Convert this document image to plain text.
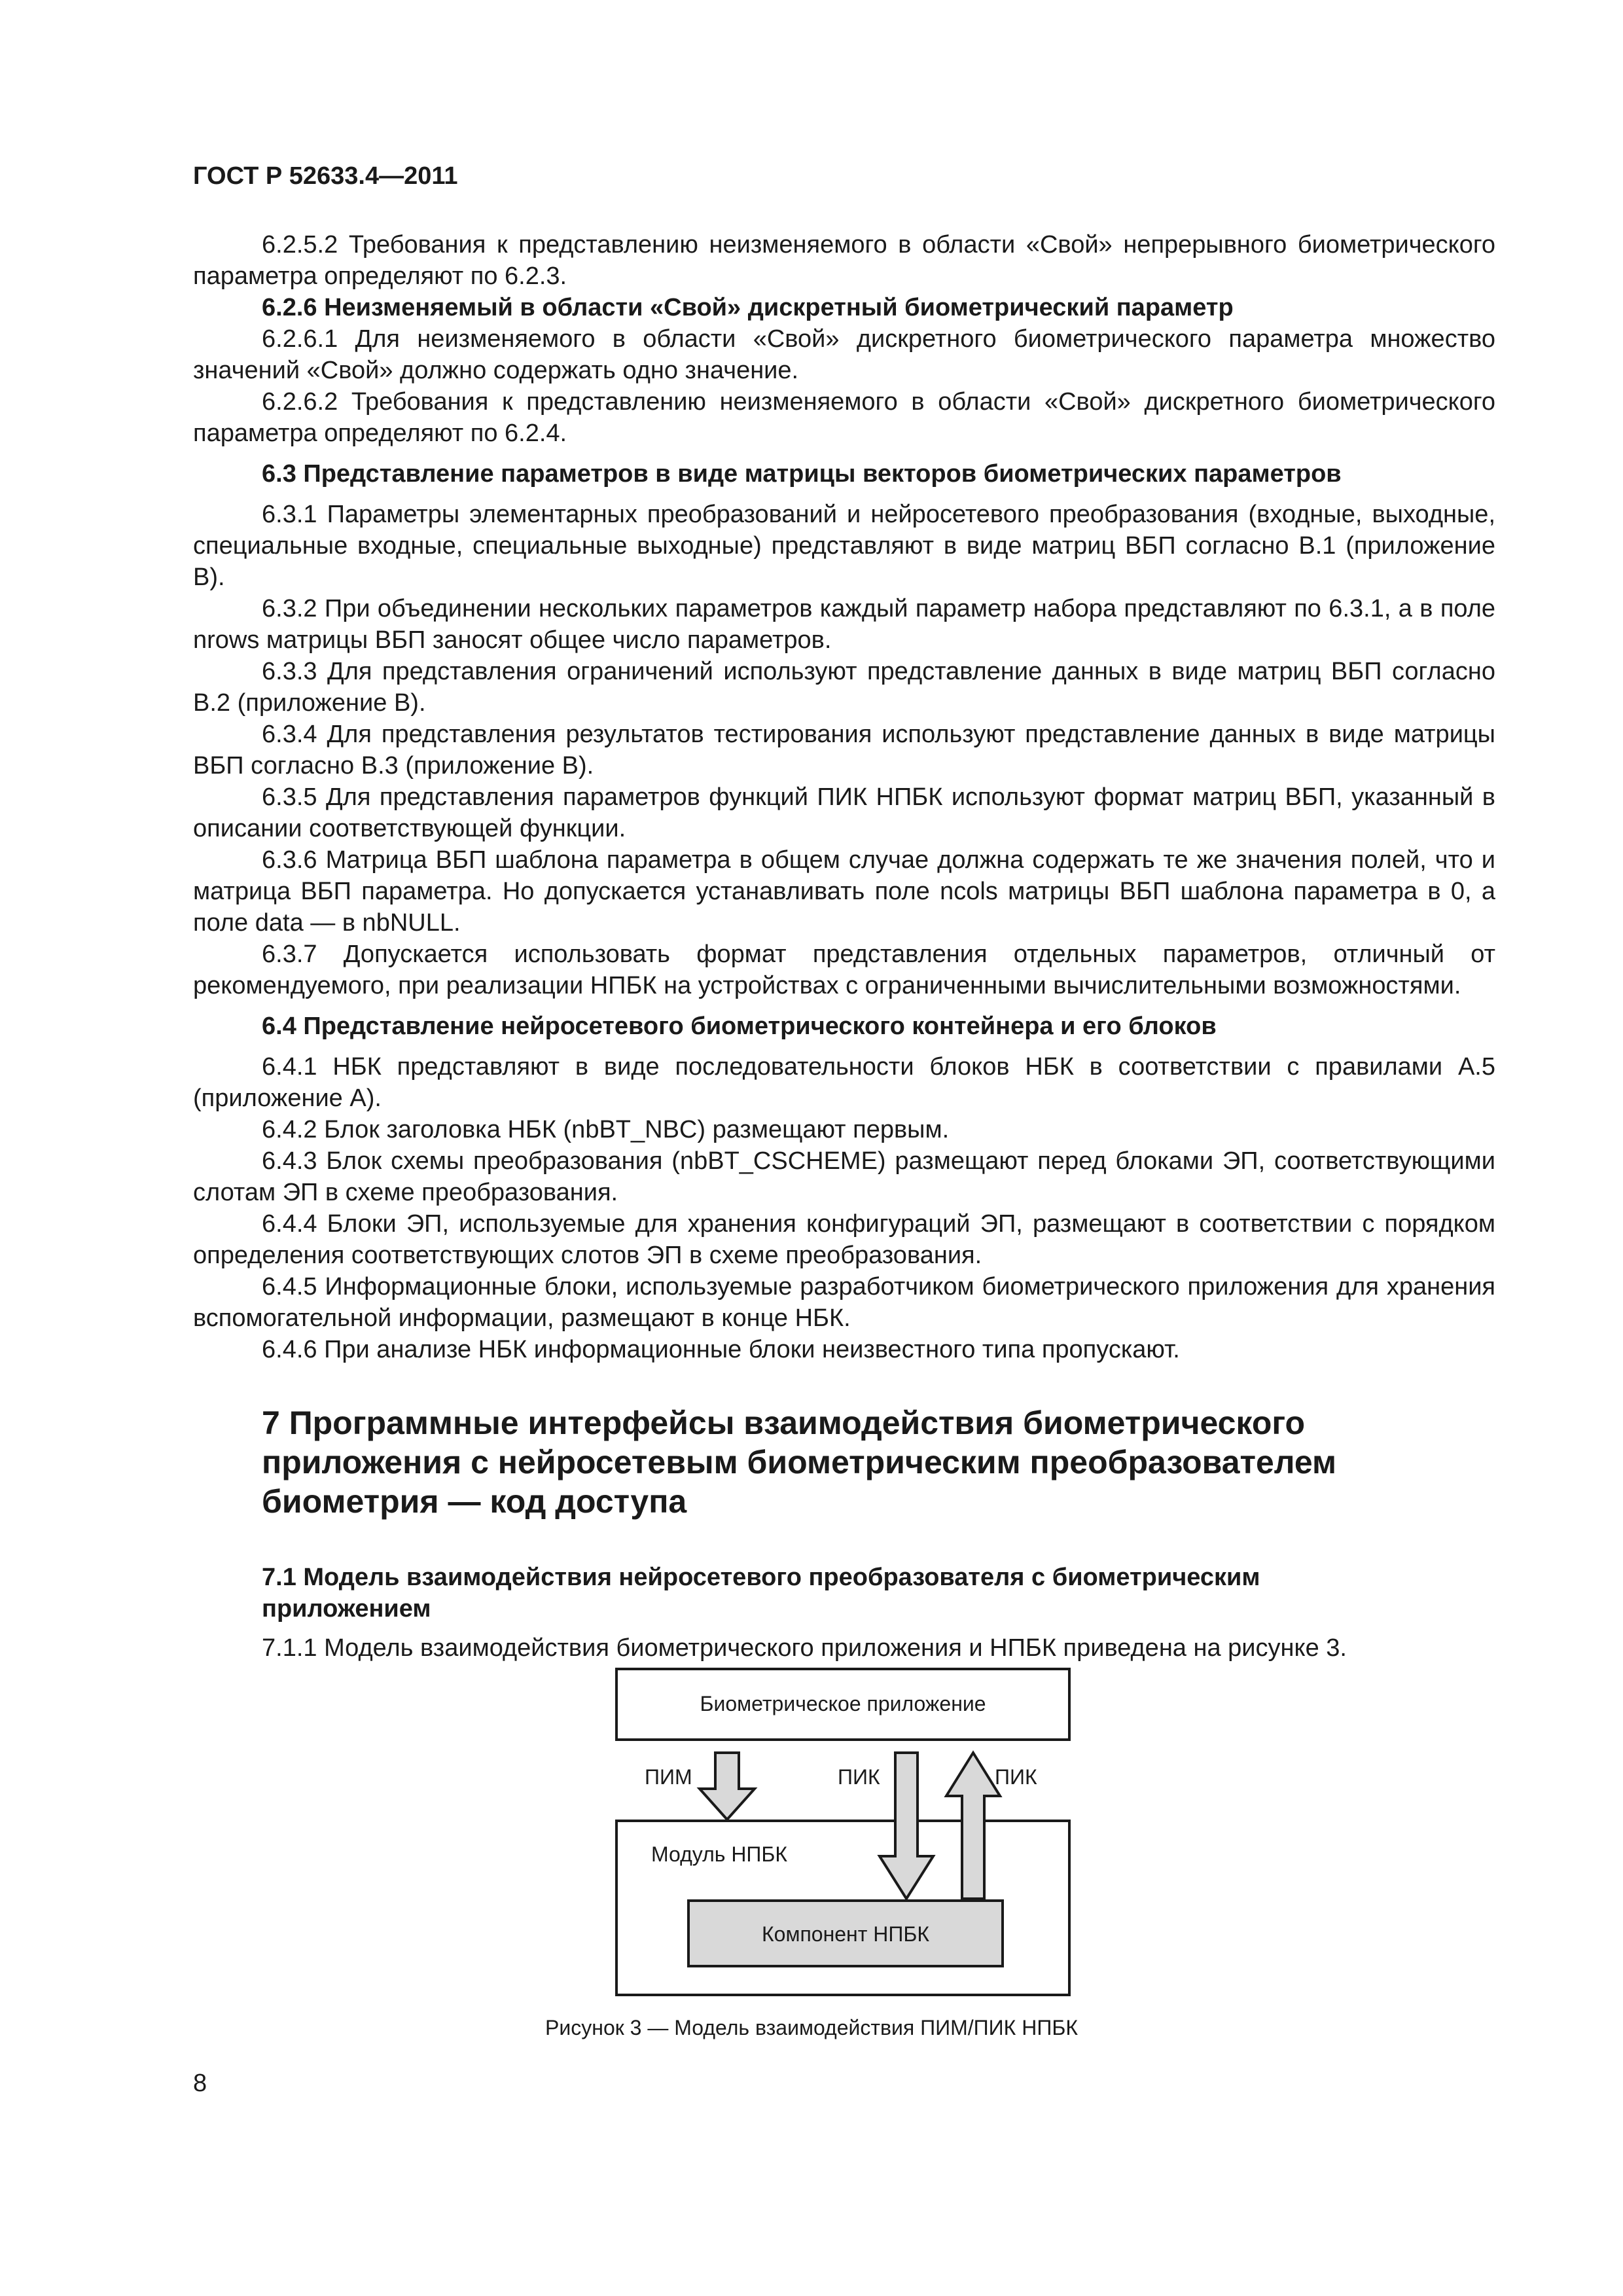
ГОСТ Р 52633.4—2011

6.2.5.2 Требования к представлению неизменяемого в области «Свой» непрерывного биометрического параметра определяют по 6.2.3.

6.2.6 Неизменяемый в области «Свой» дискретный биометрический параметр

6.2.6.1 Для неизменяемого в области «Свой» дискретного биометрического параметра множество значений «Свой» должно содержать одно значение.

6.2.6.2 Требования к представлению неизменяемого в области «Свой» дискретного биометрического параметра определяют по 6.2.4.

6.3 Представление параметров в виде матрицы векторов биометрических параметров

6.3.1 Параметры элементарных преобразований и нейросетевого преобразования (входные, выходные, специальные входные, специальные выходные) представляют в виде матриц ВБП согласно В.1 (приложение В).

6.3.2 При объединении нескольких параметров каждый параметр набора представляют по 6.3.1, а в поле nrows матрицы ВБП заносят общее число параметров.

6.3.3 Для представления ограничений используют представление данных в виде матриц ВБП согласно В.2 (приложение В).

6.3.4 Для представления результатов тестирования используют представление данных в виде матрицы ВБП согласно В.3 (приложение В).

6.3.5 Для представления параметров функций ПИК НПБК используют формат матриц ВБП, указанный в описании соответствующей функции.

6.3.6 Матрица ВБП шаблона параметра в общем случае должна содержать те же значения полей, что и матрица ВБП параметра. Но допускается устанавливать поле ncols матрицы ВБП шаблона параметра в 0, а поле data — в nbNULL.

6.3.7 Допускается использовать формат представления отдельных параметров, отличный от рекомендуемого, при реализации НПБК на устройствах с ограниченными вычислительными возможностями.

6.4 Представление нейросетевого биометрического контейнера и его блоков

6.4.1 НБК представляют в виде последовательности блоков НБК в соответствии с правилами А.5 (приложение А).

6.4.2 Блок заголовка НБК (nbBT_NBC) размещают первым.

6.4.3 Блок схемы преобразования (nbBT_CSCHEME) размещают перед блоками ЭП, соответствующими слотам ЭП в схеме преобразования.

6.4.4 Блоки ЭП, используемые для хранения конфигураций ЭП, размещают в соответствии с порядком определения соответствующих слотов ЭП в схеме преобразования.

6.4.5 Информационные блоки, используемые разработчиком биометрического приложения для хранения вспомогательной информации, размещают в конце НБК.

6.4.6 При анализе НБК информационные блоки неизвестного типа пропускают.

7 Программные интерфейсы взаимодействия биометрического приложения с нейросетевым биометрическим преобразователем биометрия — код доступа

7.1 Модель взаимодействия нейросетевого преобразователя с биометрическим приложением

7.1.1 Модель взаимодействия биометрического приложения и НПБК приведена на рисунке 3.

Биометрическое приложение
ПИМ	ПИК	ПИК
Модуль НПБК
Компонент НПБК
Рисунок 3 — Модель взаимодействия ПИМ/ПИК НПБК
8
